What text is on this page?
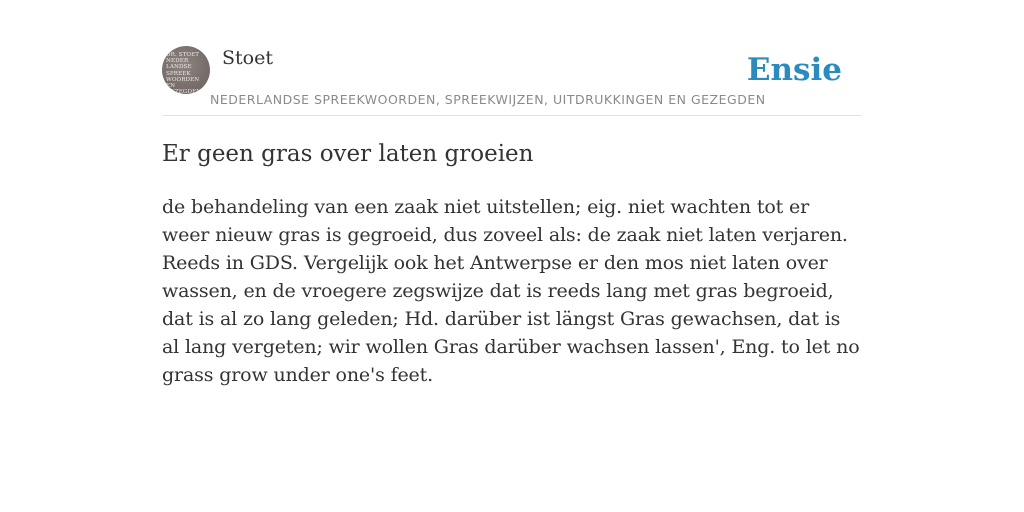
DR. STOET
NEDER
LANDSE
SPREEK
WOORDEN EN
GEZEGDEN
Stoet
NEDERLANDSE SPREEKWOORDEN, SPREEKWIJZEN, UITDRUKKINGEN EN GEZEGDEN
Ensie
Er geen gras over laten groeien

de behandeling van een zaak niet uitstellen; eig. niet wachten tot er weer nieuw gras is gegroeid, dus zoveel als: de zaak niet laten verjaren. Reeds in GDS. Vergelijk ook het Antwerpse er den mos niet laten over wassen, en de vroegere zegswijze dat is reeds lang met gras begroeid, dat is al zo lang geleden; Hd. darüber ist längst Gras gewachsen, dat is al lang vergeten; wir wollen Gras darüber wachsen lassen', Eng. to let no grass grow under one's feet.
